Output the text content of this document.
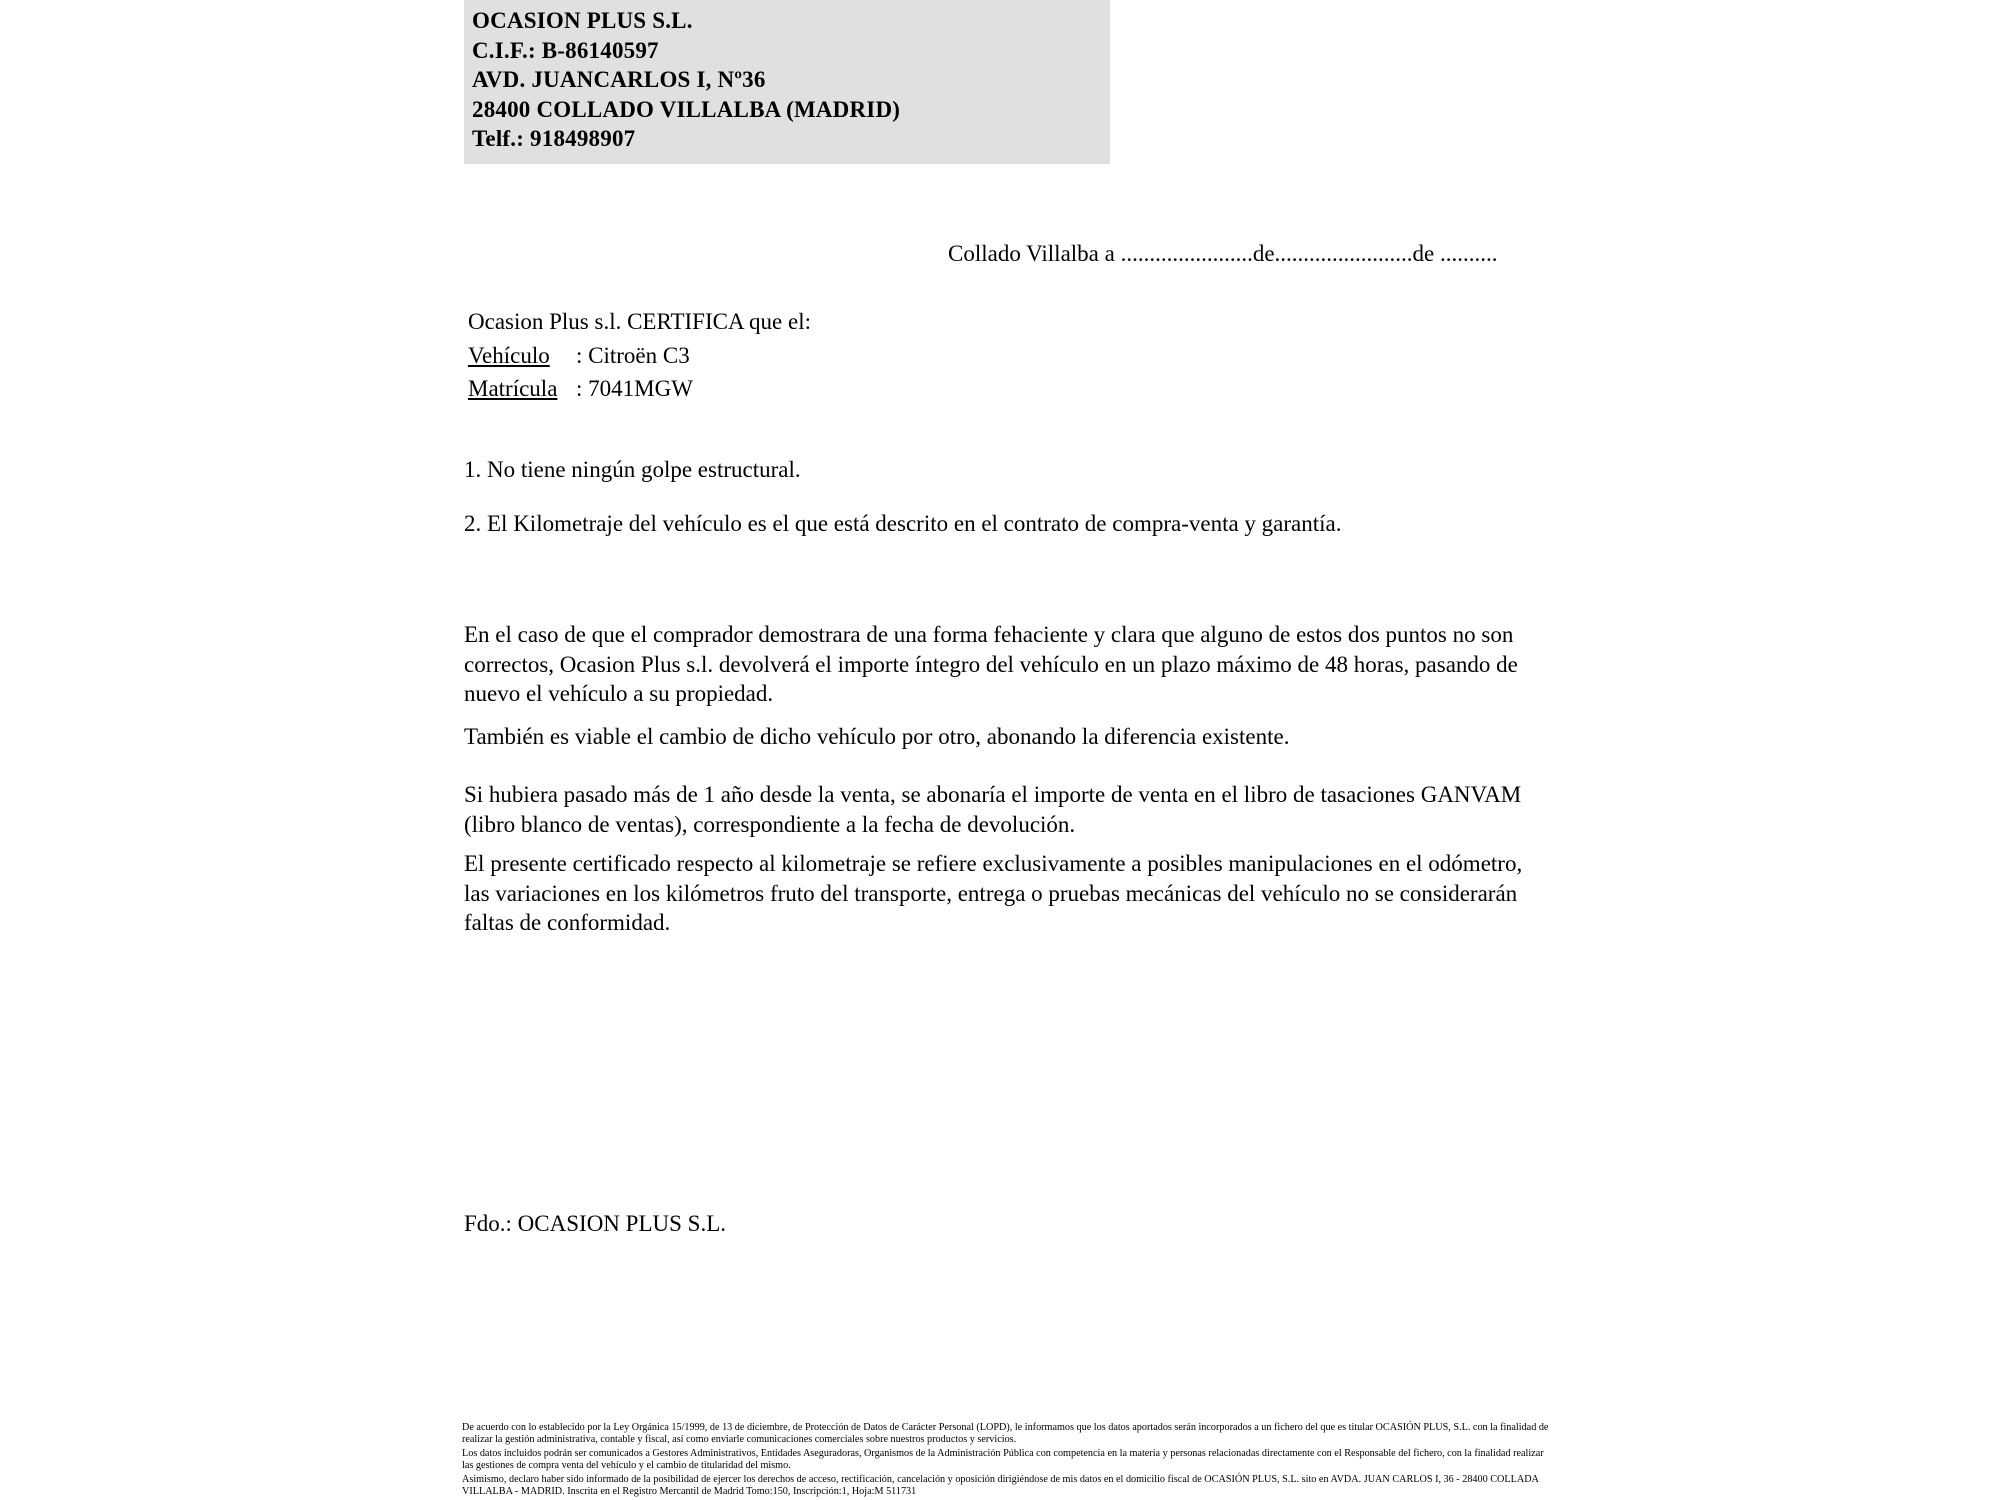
OCASION PLUS S.L.
C.I.F.: B-86140597
AVD. JUANCARLOS I, Nº36
28400 COLLADO VILLALBA (MADRID)
Telf.: 918498907
Collado Villalba a .......................de........................de ..........
Ocasion Plus s.l. CERTIFICA que el:
Vehículo : Citroën C3
Matrícula : 7041MGW
1. No tiene ningún golpe estructural.
2. El Kilometraje del vehículo es el que está descrito en el contrato de compra-venta y garantía.
En el caso de que el comprador demostrara de una forma fehaciente y clara que alguno de estos dos puntos no son correctos, Ocasion Plus s.l. devolverá el importe íntegro del vehículo en un plazo máximo de 48 horas, pasando de nuevo el vehículo a su propiedad.
También es viable el cambio de dicho vehículo por otro, abonando la diferencia existente.
Si hubiera pasado más de 1 año desde la venta, se abonaría el importe de venta en el libro de tasaciones GANVAM (libro blanco de ventas), correspondiente a la fecha de devolución.
El presente certificado respecto al kilometraje se refiere exclusivamente a posibles manipulaciones en el odómetro, las variaciones en los kilómetros fruto del transporte, entrega o pruebas mecánicas del vehículo no se considerarán faltas de conformidad.
Fdo.: OCASION PLUS S.L.

De acuerdo con lo establecido por la Ley Orgánica 15/1999, de 13 de diciembre, de Protección de Datos de Carácter Personal (LOPD), le informamos que los datos aportados serán incorporados a un fichero del que es titular OCASIÓN PLUS, S.L. con la finalidad de realizar la gestión administrativa, contable y fiscal, así como enviarle comunicaciones comerciales sobre nuestros productos y servicios.

Los datos incluidos podrán ser comunicados a Gestores Administrativos, Entidades Aseguradoras, Organismos de la Administración Pública con competencia en la materia y personas relacionadas directamente con el Responsable del fichero, con la finalidad realizar las gestiones de compra venta del vehículo y el cambio de titularidad del mismo.

Asimismo, declaro haber sido informado de la posibilidad de ejercer los derechos de acceso, rectificación, cancelación y oposición dirigiéndose de mis datos en el domicilio fiscal de OCASIÓN PLUS, S.L. sito en AVDA. JUAN CARLOS I, 36 - 28400 COLLADA VILLALBA - MADRID. Inscrita en el Registro Mercantil de Madrid Tomo:150, Inscripción:1, Hoja:M 511731
